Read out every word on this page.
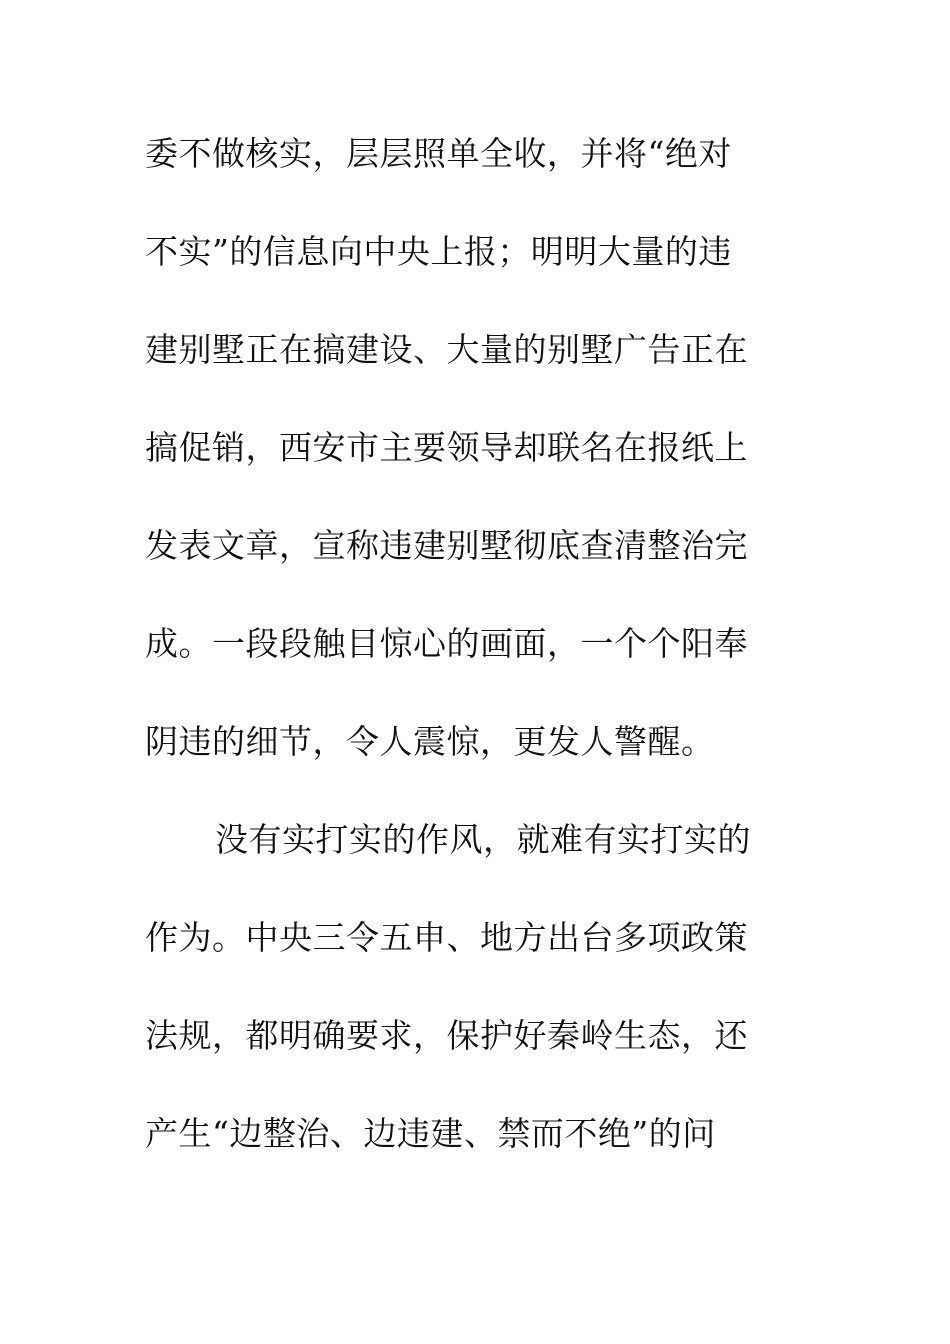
委不做核实，层层照单全收，并将“绝对
不实”的信息向中央上报；明明大量的违
建别墅正在搞建设、大量的别墅广告正在
搞促销，西安市主要领导却联名在报纸上
发表文章，宣称违建别墅彻底查清整治完
成。一段段触目惊心的画面，一个个阳奉
阴违的细节，令人震惊，更发人警醒。
没有实打实的作风，就难有实打实的
作为。中央三令五申、地方出台多项政策
法规，都明确要求，保护好秦岭生态，还
产生“边整治、边违建、禁而不绝”的问
